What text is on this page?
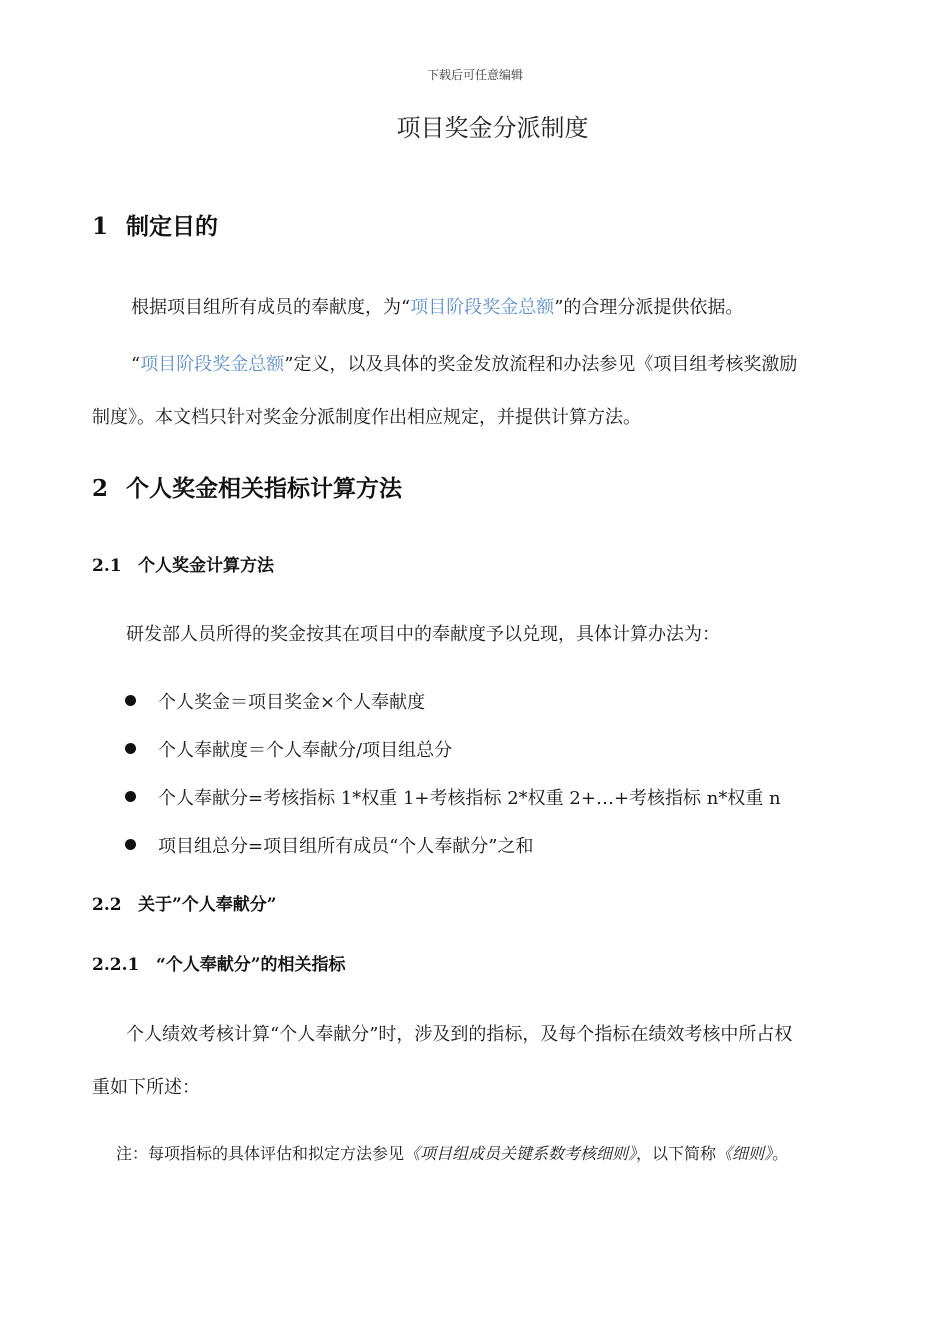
下载后可任意编辑
项目奖金分派制度
1 制定目的
根据项目组所有成员的奉献度，为“项目阶段奖金总额”的合理分派提供依据。
“项目阶段奖金总额”定义，以及具体的奖金发放流程和办法参见《项目组考核奖激励
制度》。本文档只针对奖金分派制度作出相应规定，并提供计算方法。
2 个人奖金相关指标计算方法
2.1 个人奖金计算方法
研发部人员所得的奖金按其在项目中的奉献度予以兑现，具体计算办法为：
个人奖金＝项目奖金×个人奉献度
个人奉献度＝个人奉献分/项目组总分
个人奉献分=考核指标 1*权重 1+考核指标 2*权重 2+…+考核指标 n*权重 n
项目组总分=项目组所有成员“个人奉献分”之和
2.2 关于”个人奉献分”
2.2.1 “个人奉献分”的相关指标
个人绩效考核计算“个人奉献分”时，涉及到的指标，及每个指标在绩效考核中所占权
重如下所述：
注：每项指标的具体评估和拟定方法参见《项目组成员关键系数考核细则》，以下简称《细则》。
